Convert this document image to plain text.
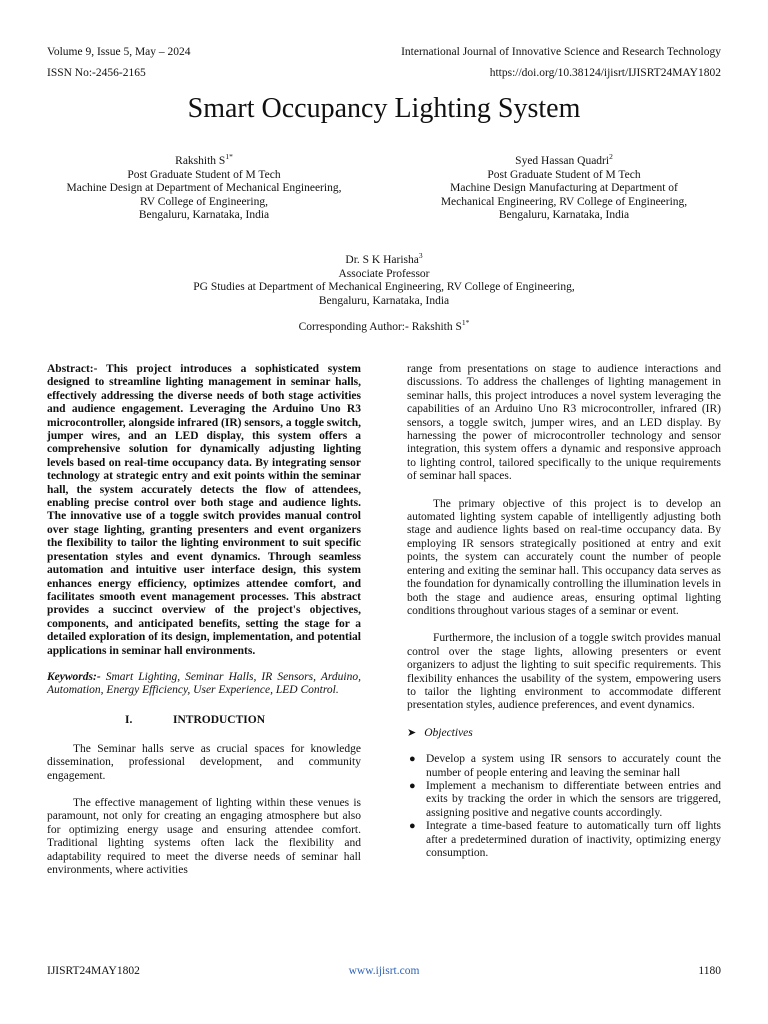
Volume 9, Issue 5, May – 2024	International Journal of Innovative Science and Research Technology
ISSN No:-2456-2165	https://doi.org/10.38124/ijisrt/IJISRT24MAY1802
Smart Occupancy Lighting System
Rakshith $S^{1*}$
Post Graduate Student of M Tech
Machine Design at Department of Mechanical Engineering,
RV College of Engineering,
Bengaluru, Karnataka, India
Syed Hassan Quadri$^2$
Post Graduate Student of M Tech
Machine Design Manufacturing at Department of
Mechanical Engineering, RV College of Engineering,
Bengaluru, Karnataka, India
Dr. S K Harisha$^3$
Associate Professor
PG Studies at Department of Mechanical Engineering, RV College of Engineering,
Bengaluru, Karnataka, India
Corresponding Author:- Rakshith $S^{1*}$

Abstract:- This project introduces a sophisticated system designed to streamline lighting management in seminar halls, effectively addressing the diverse needs of both stage activities and audience engagement. Leveraging the Arduino Uno R3 microcontroller, alongside infrared (IR) sensors, a toggle switch, jumper wires, and an LED display, this system offers a comprehensive solution for dynamically adjusting lighting levels based on real-time occupancy data. By integrating sensor technology at strategic entry and exit points within the seminar hall, the system accurately detects the flow of attendees, enabling precise control over both stage and audience lights. The innovative use of a toggle switch provides manual control over stage lighting, granting presenters and event organizers the flexibility to tailor the lighting environment to suit specific presentation styles and event dynamics. Through seamless automation and intuitive user interface design, this system enhances energy efficiency, optimizes attendee comfort, and facilitates smooth event management processes. This abstract provides a succinct overview of the project's objectives, components, and anticipated benefits, setting the stage for a detailed exploration of its design, implementation, and potential applications in seminar hall environments.

Keywords:- Smart Lighting, Seminar Halls, IR Sensors, Arduino, Automation, Energy Efficiency, User Experience, LED Control.

I.	INTRODUCTION

The Seminar halls serve as crucial spaces for knowledge dissemination, professional development, and community engagement.

The effective management of lighting within these venues is paramount, not only for creating an engaging atmosphere but also for optimizing energy usage and ensuring attendee comfort. Traditional lighting systems often lack the flexibility and adaptability required to meet the diverse needs of seminar hall environments, where activities

range from presentations on stage to audience interactions and discussions. To address the challenges of lighting management in seminar halls, this project introduces a novel system leveraging the capabilities of an Arduino Uno R3 microcontroller, infrared (IR) sensors, a toggle switch, jumper wires, and an LED display. By harnessing the power of microcontroller technology and sensor integration, this system offers a dynamic and responsive approach to lighting control, tailored specifically to the unique requirements of seminar hall spaces.

The primary objective of this project is to develop an automated lighting system capable of intelligently adjusting both stage and audience lights based on real-time occupancy data. By employing IR sensors strategically positioned at entry and exit points, the system can accurately count the number of people entering and exiting the seminar hall. This occupancy data serves as the foundation for dynamically controlling the illumination levels in both the stage and audience areas, ensuring optimal lighting conditions throughout various stages of a seminar or event.

Furthermore, the inclusion of a toggle switch provides manual control over the stage lights, allowing presenters or event organizers to adjust the lighting to suit specific requirements. This flexibility enhances the usability of the system, empowering users to tailor the lighting environment to accommodate different presentation styles, audience preferences, and event dynamics.

➤ Objectives

● Develop a system using IR sensors to accurately count the number of people entering and leaving the seminar hall
● Implement a mechanism to differentiate between entries and exits by tracking the order in which the sensors are triggered, assigning positive and negative counts accordingly.
● Integrate a time-based feature to automatically turn off lights after a predetermined duration of inactivity, optimizing energy consumption.
IJISRT24MAY1802	www.ijisrt.com	1180
